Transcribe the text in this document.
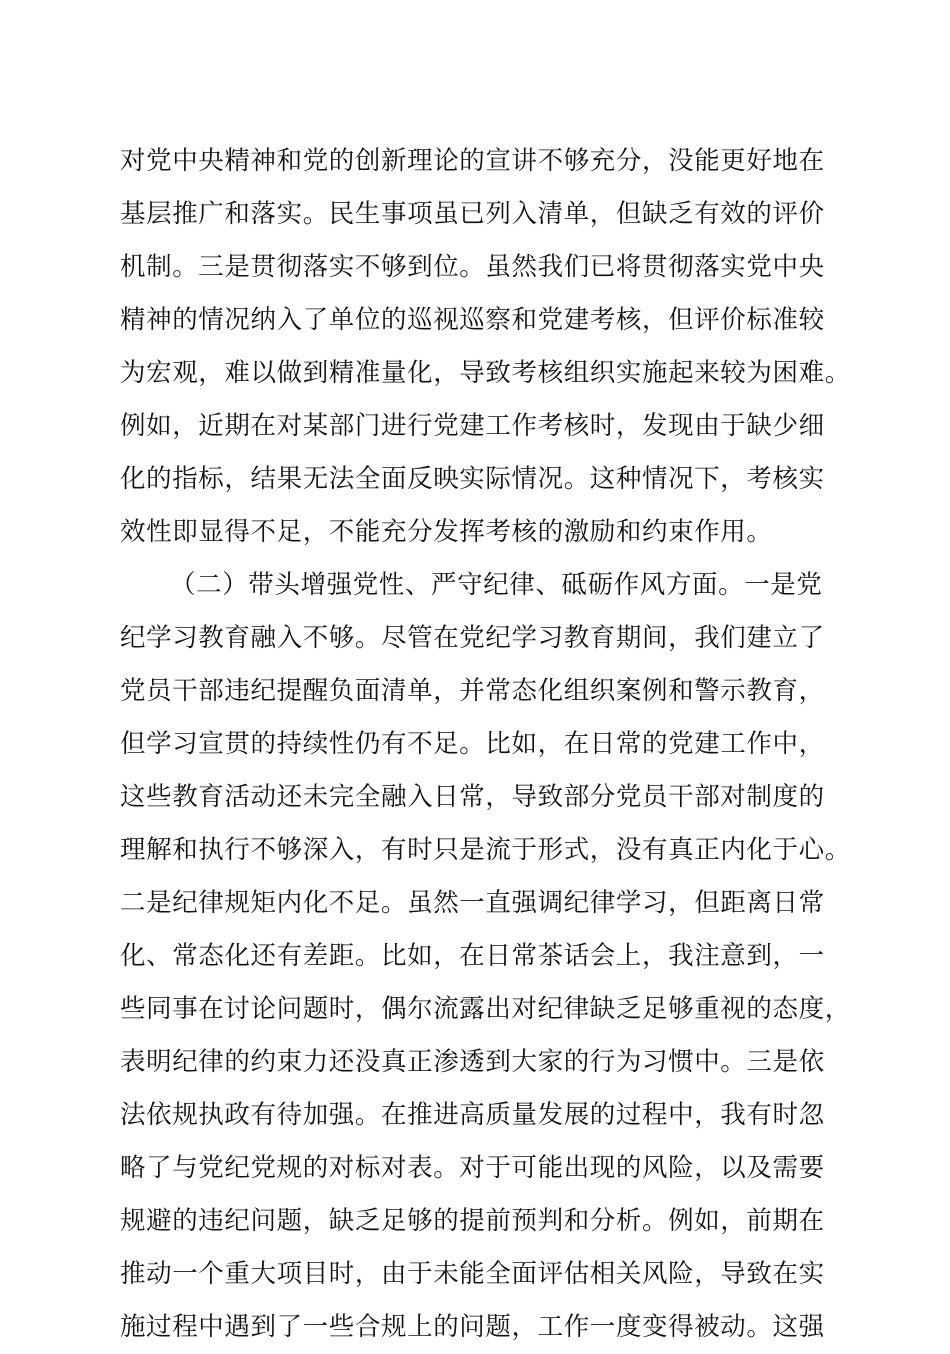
对党中央精神和党的创新理论的宣讲不够充分，没能更好地在
基层推广和落实。民生事项虽已列入清单，但缺乏有效的评价
机制。三是贯彻落实不够到位。虽然我们已将贯彻落实党中央
精神的情况纳入了单位的巡视巡察和党建考核，但评价标准较
为宏观，难以做到精准量化，导致考核组织实施起来较为困难。
例如，近期在对某部门进行党建工作考核时，发现由于缺少细
化的指标，结果无法全面反映实际情况。这种情况下，考核实
效性即显得不足，不能充分发挥考核的激励和约束作用。
（二）带头增强党性、严守纪律、砥砺作风方面。一是党
纪学习教育融入不够。尽管在党纪学习教育期间，我们建立了
党员干部违纪提醒负面清单，并常态化组织案例和警示教育，
但学习宣贯的持续性仍有不足。比如，在日常的党建工作中，
这些教育活动还未完全融入日常，导致部分党员干部对制度的
理解和执行不够深入，有时只是流于形式，没有真正内化于心。
二是纪律规矩内化不足。虽然一直强调纪律学习，但距离日常
化、常态化还有差距。比如，在日常茶话会上，我注意到，一
些同事在讨论问题时，偶尔流露出对纪律缺乏足够重视的态度，
表明纪律的约束力还没真正渗透到大家的行为习惯中。三是依
法依规执政有待加强。在推进高质量发展的过程中，我有时忽
略了与党纪党规的对标对表。对于可能出现的风险，以及需要
规避的违纪问题，缺乏足够的提前预判和分析。例如，前期在
推动一个重大项目时，由于未能全面评估相关风险，导致在实
施过程中遇到了一些合规上的问题，工作一度变得被动。这强
